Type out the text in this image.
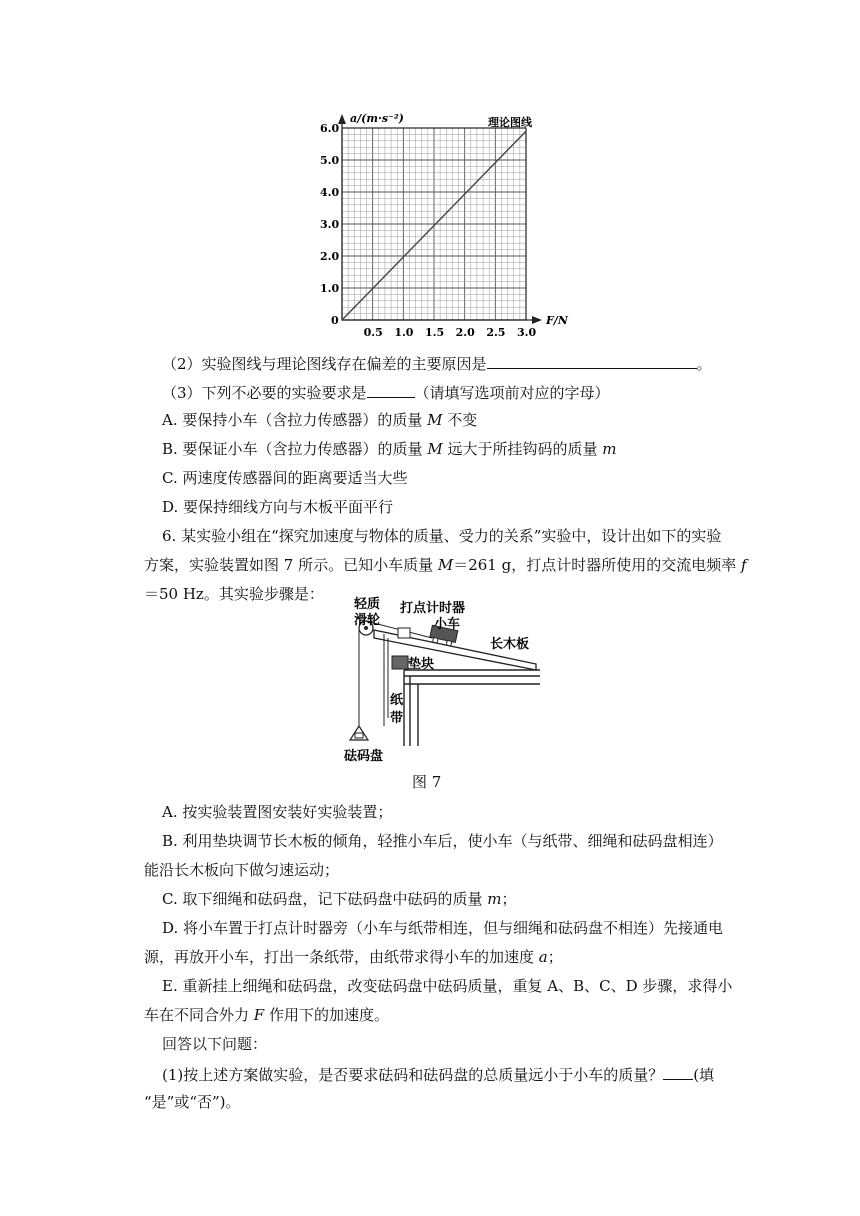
a/(m·s⁻²)
F/N
0
理论图线
0.5 1.0 1.5 2.0 2.5 3.0
1.0
2.0
3.0
4.0
5.0
6.0
（2）实验图线与理论图线存在偏差的主要原因是	。
（3）下列不必要的实验要求是	（请填写选项前对应的字母）
A. 要保持小车（含拉力传感器）的质量 M 不变
B. 要保证小车（含拉力传感器）的质量 M 远大于所挂钩码的质量 m
C. 两速度传感器间的距离要适当大些
D. 要保持细线方向与木板平面平行
6. 某实验小组在“探究加速度与物体的质量、受力的关系”实验中，设计出如下的实验
方案，实验装置如图 7 所示。已知小车质量 M＝261 g，打点计时器所使用的交流电频率 f
＝50 Hz。其实验步骤是：
轻质
滑轮
打点计时器
小车
长木板
垫块
纸
带
砝码盘
图 7
A. 按实验装置图安装好实验装置；
B. 利用垫块调节长木板的倾角，轻推小车后，使小车（与纸带、细绳和砝码盘相连）
能沿长木板向下做匀速运动；
C. 取下细绳和砝码盘，记下砝码盘中砝码的质量 m；
D. 将小车置于打点计时器旁（小车与纸带相连，但与细绳和砝码盘不相连）先接通电
源，再放开小车，打出一条纸带，由纸带求得小车的加速度 a；
E. 重新挂上细绳和砝码盘，改变砝码盘中砝码质量，重复 A、B、C、D 步骤，求得小
车在不同合外力 F 作用下的加速度。
回答以下问题：
(1)按上述方案做实验，是否要求砝码和砝码盘的总质量远小于小车的质量？ (填
“是”或“否”)。
